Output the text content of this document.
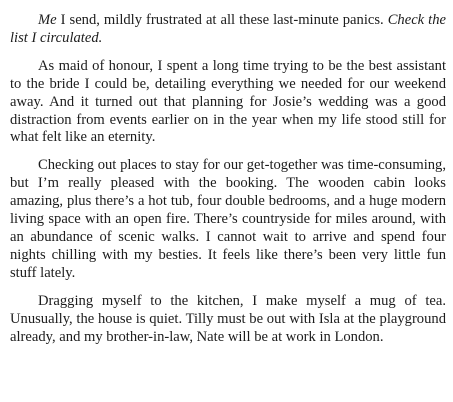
Me I send, mildly frustrated at all these last-minute panics. Check the list I circulated.

As maid of honour, I spent a long time trying to be the best assistant to the bride I could be, detailing everything we needed for our weekend away. And it turned out that planning for Josie’s wedding was a good distraction from events earlier on in the year when my life stood still for what felt like an eternity.

Checking out places to stay for our get-together was time-consuming, but I’m really pleased with the booking. The wooden cabin looks amazing, plus there’s a hot tub, four double bedrooms, and a huge modern living space with an open fire. There’s countryside for miles around, with an abundance of scenic walks. I cannot wait to arrive and spend four nights chilling with my besties. It feels like there’s been very little fun stuff lately.

Dragging myself to the kitchen, I make myself a mug of tea. Unusually, the house is quiet. Tilly must be out with Isla at the playground already, and my brother-in-law, Nate will be at work in London.
